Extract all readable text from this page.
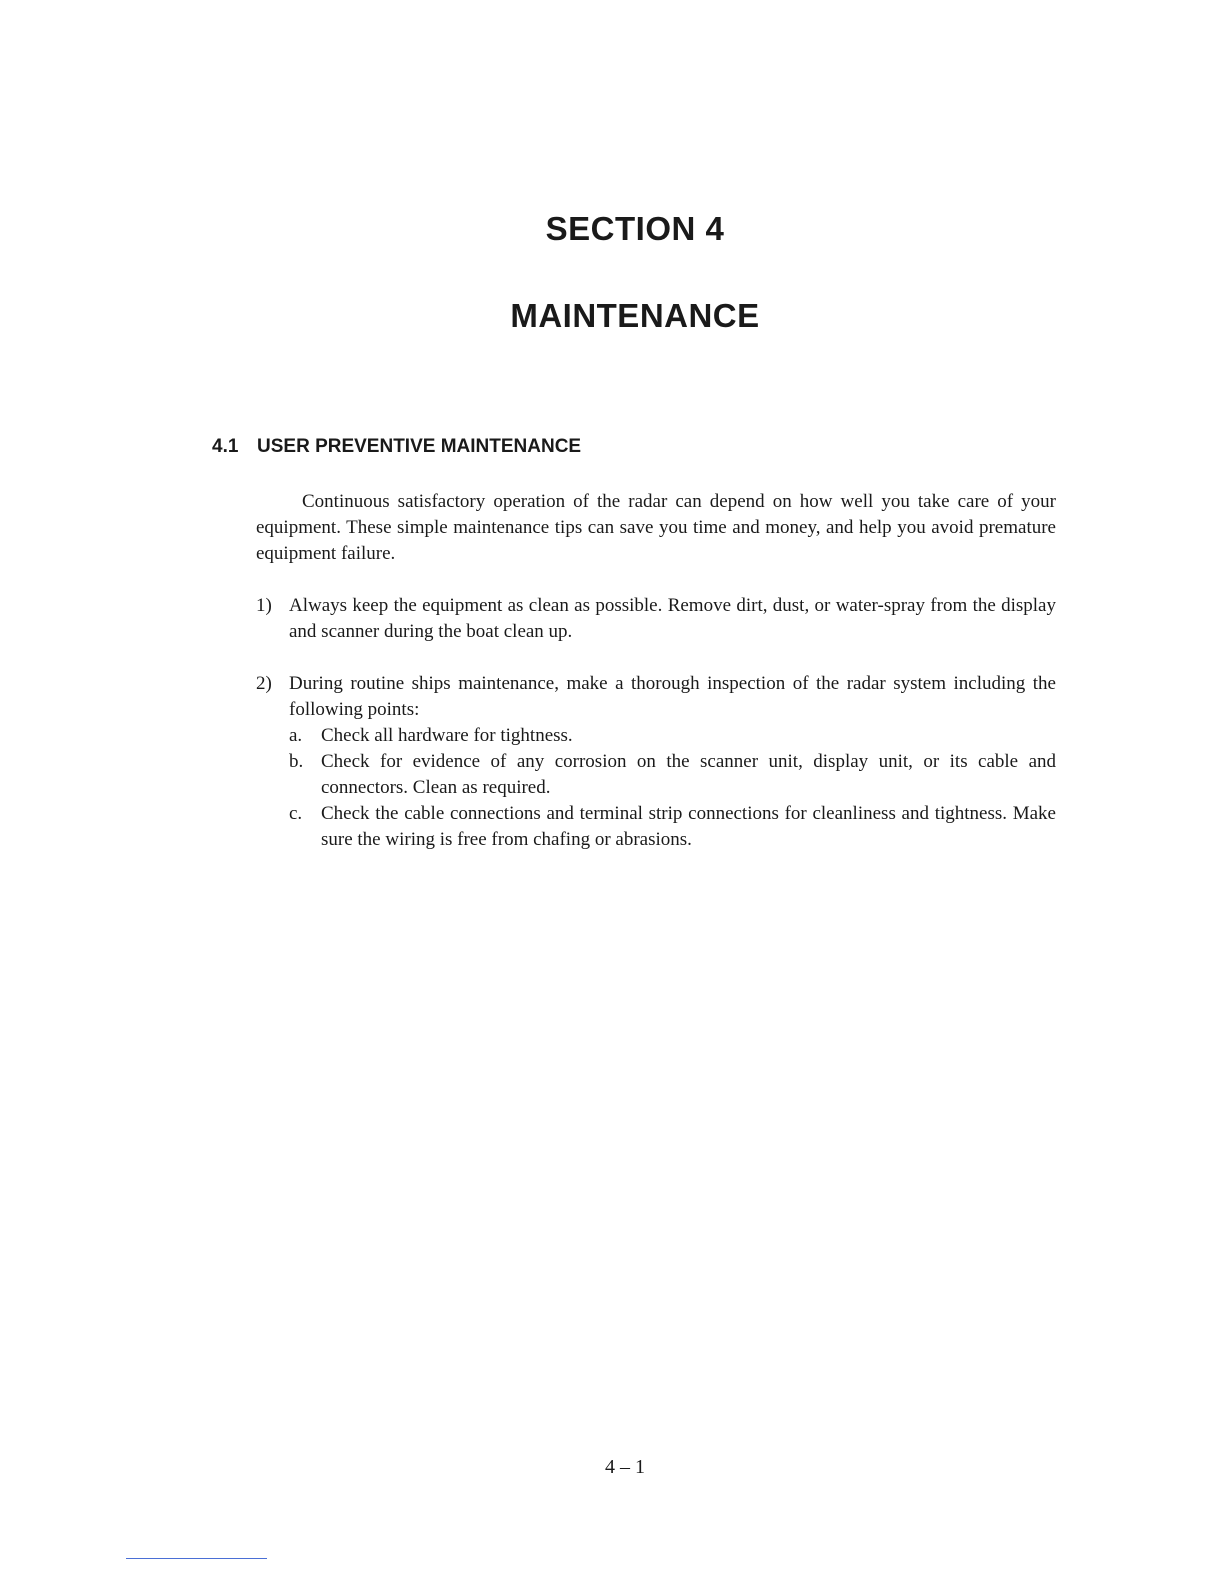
SECTION 4
MAINTENANCE
4.1 USER PREVENTIVE MAINTENANCE

Continuous satisfactory operation of the radar can depend on how well you take care of your equipment. These simple maintenance tips can save you time and money, and help you avoid premature equipment failure.

1) Always keep the equipment as clean as possible. Remove dirt, dust, or water-spray from the display and scanner during the boat clean up.
2) During routine ships maintenance, make a thorough inspection of the radar system including the following points:
a. Check all hardware for tightness.
b. Check for evidence of any corrosion on the scanner unit, display unit, or its cable and connectors. Clean as required.
c. Check the cable connections and terminal strip connections for cleanliness and tightness. Make sure the wiring is free from chafing or abrasions.
4 – 1
